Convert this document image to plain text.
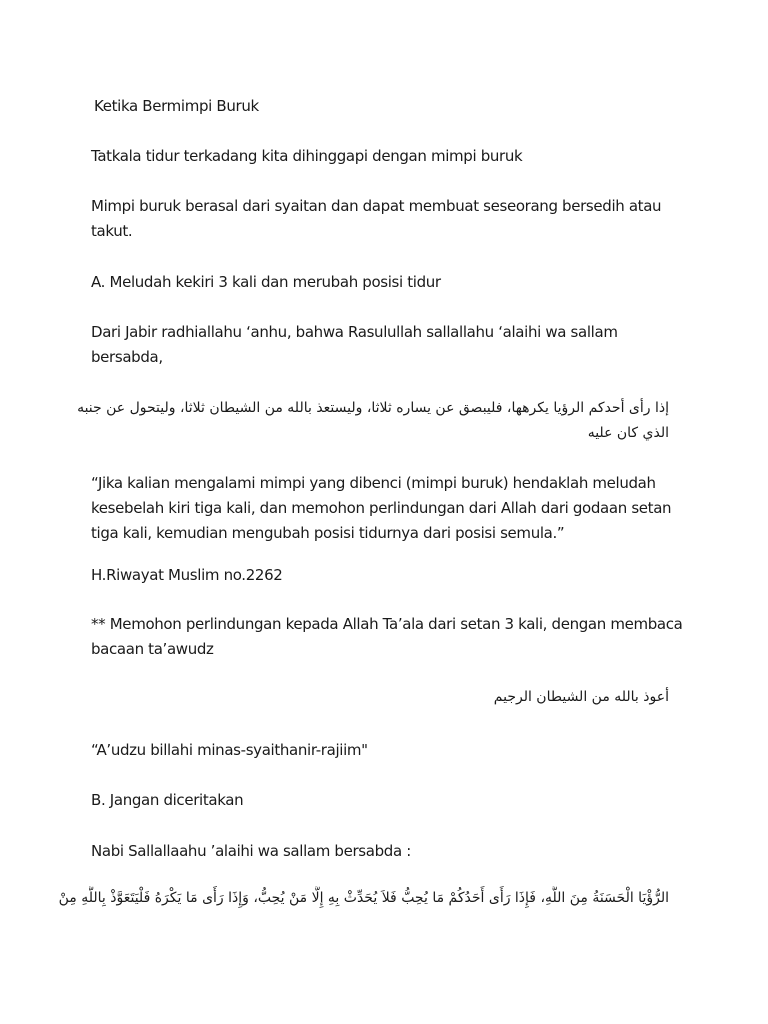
Ketika Bermimpi Buruk

Tatkala tidur terkadang kita dihinggapi dengan mimpi buruk

Mimpi buruk berasal dari syaitan dan dapat membuat seseorang bersedih atau takut.

A. Meludah kekiri 3 kali dan merubah posisi tidur

Dari Jabir radhiallahu ‘anhu, bahwa Rasulullah sallallahu ‘alaihi wa sallam bersabda,

إذا رأى أحدكم الرؤيا يكرهها، فليبصق عن يساره ثلاثا، وليستعذ بالله من الشيطان ثلاثا، وليتحول عن جنبه الذي كان عليه

“Jika kalian mengalami mimpi yang dibenci (mimpi buruk) hendaklah meludah kesebelah kiri tiga kali, dan memohon perlindungan dari Allah dari godaan setan tiga kali, kemudian mengubah posisi tidurnya dari posisi semula.”

H.Riwayat Muslim no.2262

** Memohon perlindungan kepada Allah Ta’ala dari setan 3 kali, dengan membaca bacaan ta’awudz

أعوذ بالله من الشيطان الرجيم

“A’udzu billahi minas-syaithanir-rajiim"

B. Jangan diceritakan

Nabi Sallallaahu ’alaihi wa sallam bersabda :

الرُّؤْيَا الْحَسَنَةُ مِنَ اللَّهِ، فَإِذَا رَأَى أَحَدُكُمْ مَا يُحِبُّ فَلاَ يُحَدِّثْ بِهِ إِلَّا مَنْ يُحِبُّ، وَإِذَا رَأَى مَا يَكْرَهُ فَلْيَتَعَوَّذْ بِاللَّهِ مِنْ
